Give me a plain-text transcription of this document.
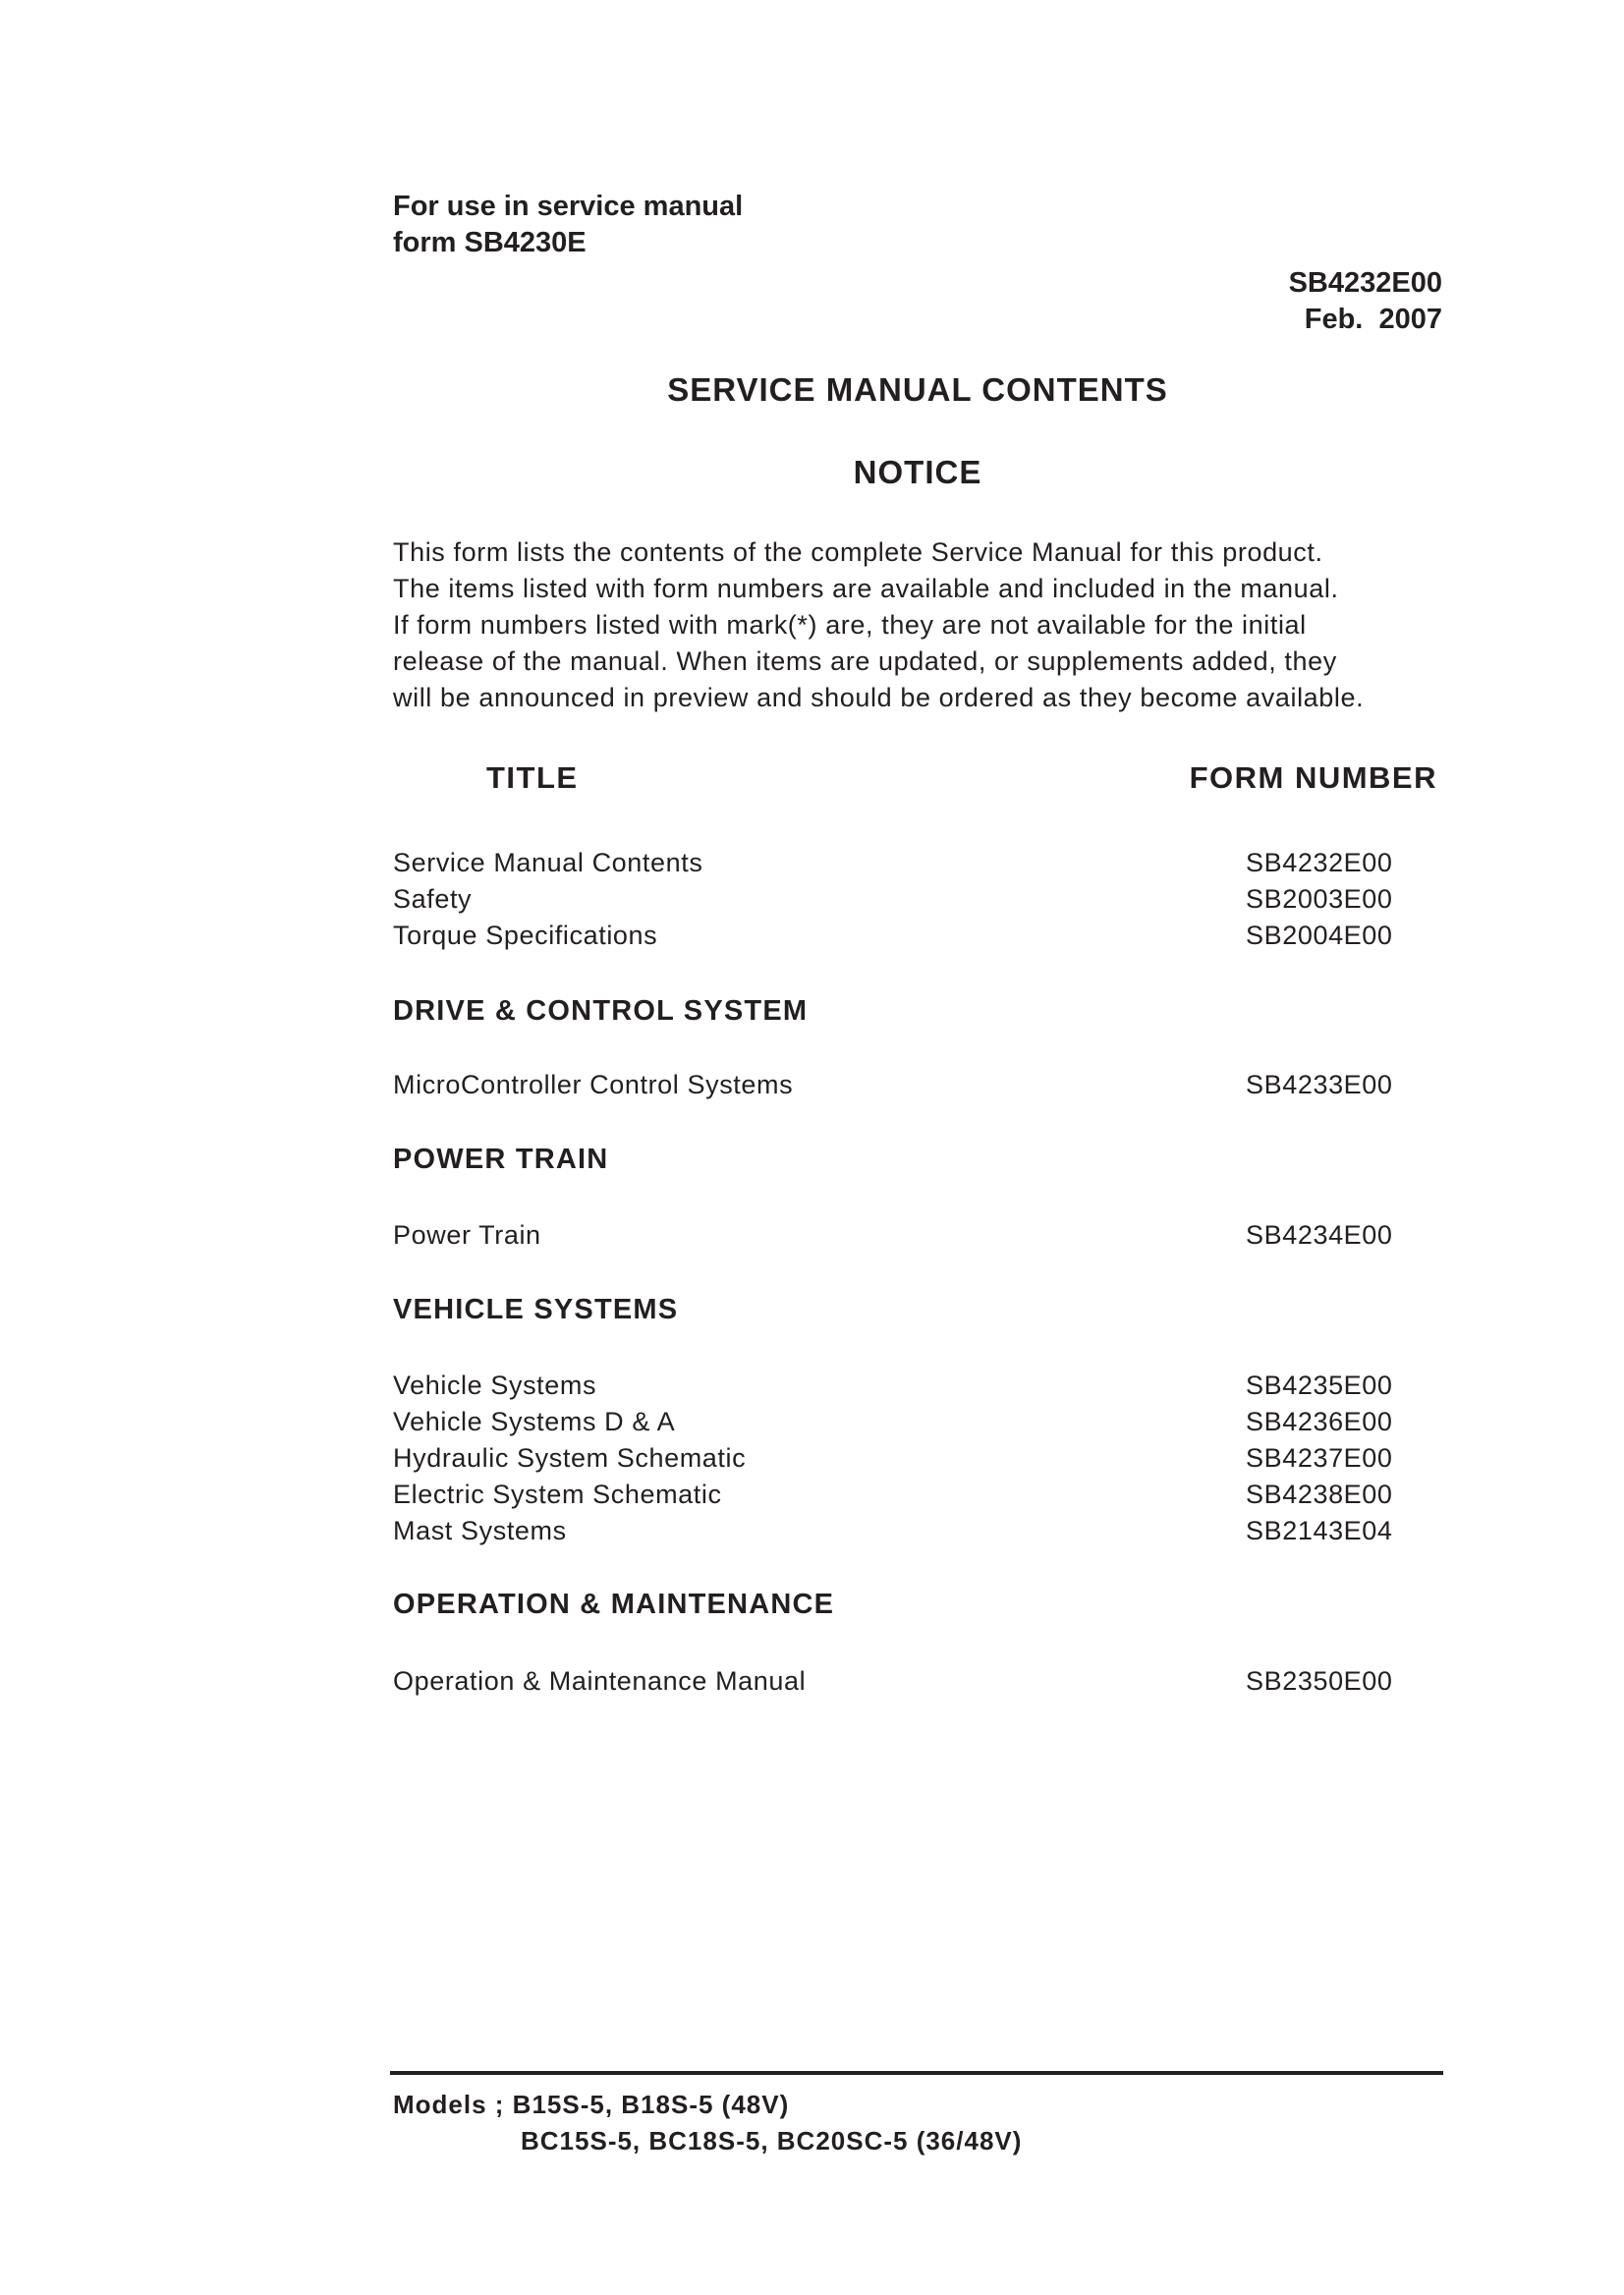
For use in service manual
form SB4230E
SB4232E00
Feb.  2007
SERVICE MANUAL CONTENTS
NOTICE
This form lists the contents of the complete Service Manual for this product.
The items listed with form numbers are available and included in the manual.
If form numbers listed with mark(*) are, they are not available for the initial
release of the manual. When items are updated, or supplements added, they
will be announced in preview and should be ordered as they become available.
TITLE	FORM NUMBER
Service Manual Contents	SB4232E00
Safety	SB2003E00
Torque Specifications	SB2004E00
DRIVE & CONTROL SYSTEM
MicroController Control Systems	SB4233E00
POWER TRAIN
Power Train	SB4234E00
VEHICLE SYSTEMS
Vehicle Systems	SB4235E00
Vehicle Systems D & A	SB4236E00
Hydraulic System Schematic	SB4237E00
Electric System Schematic	SB4238E00
Mast Systems	SB2143E04
OPERATION & MAINTENANCE
Operation & Maintenance Manual	SB2350E00
Models ; B15S-5, B18S-5 (48V)
BC15S-5, BC18S-5, BC20SC-5 (36/48V)
